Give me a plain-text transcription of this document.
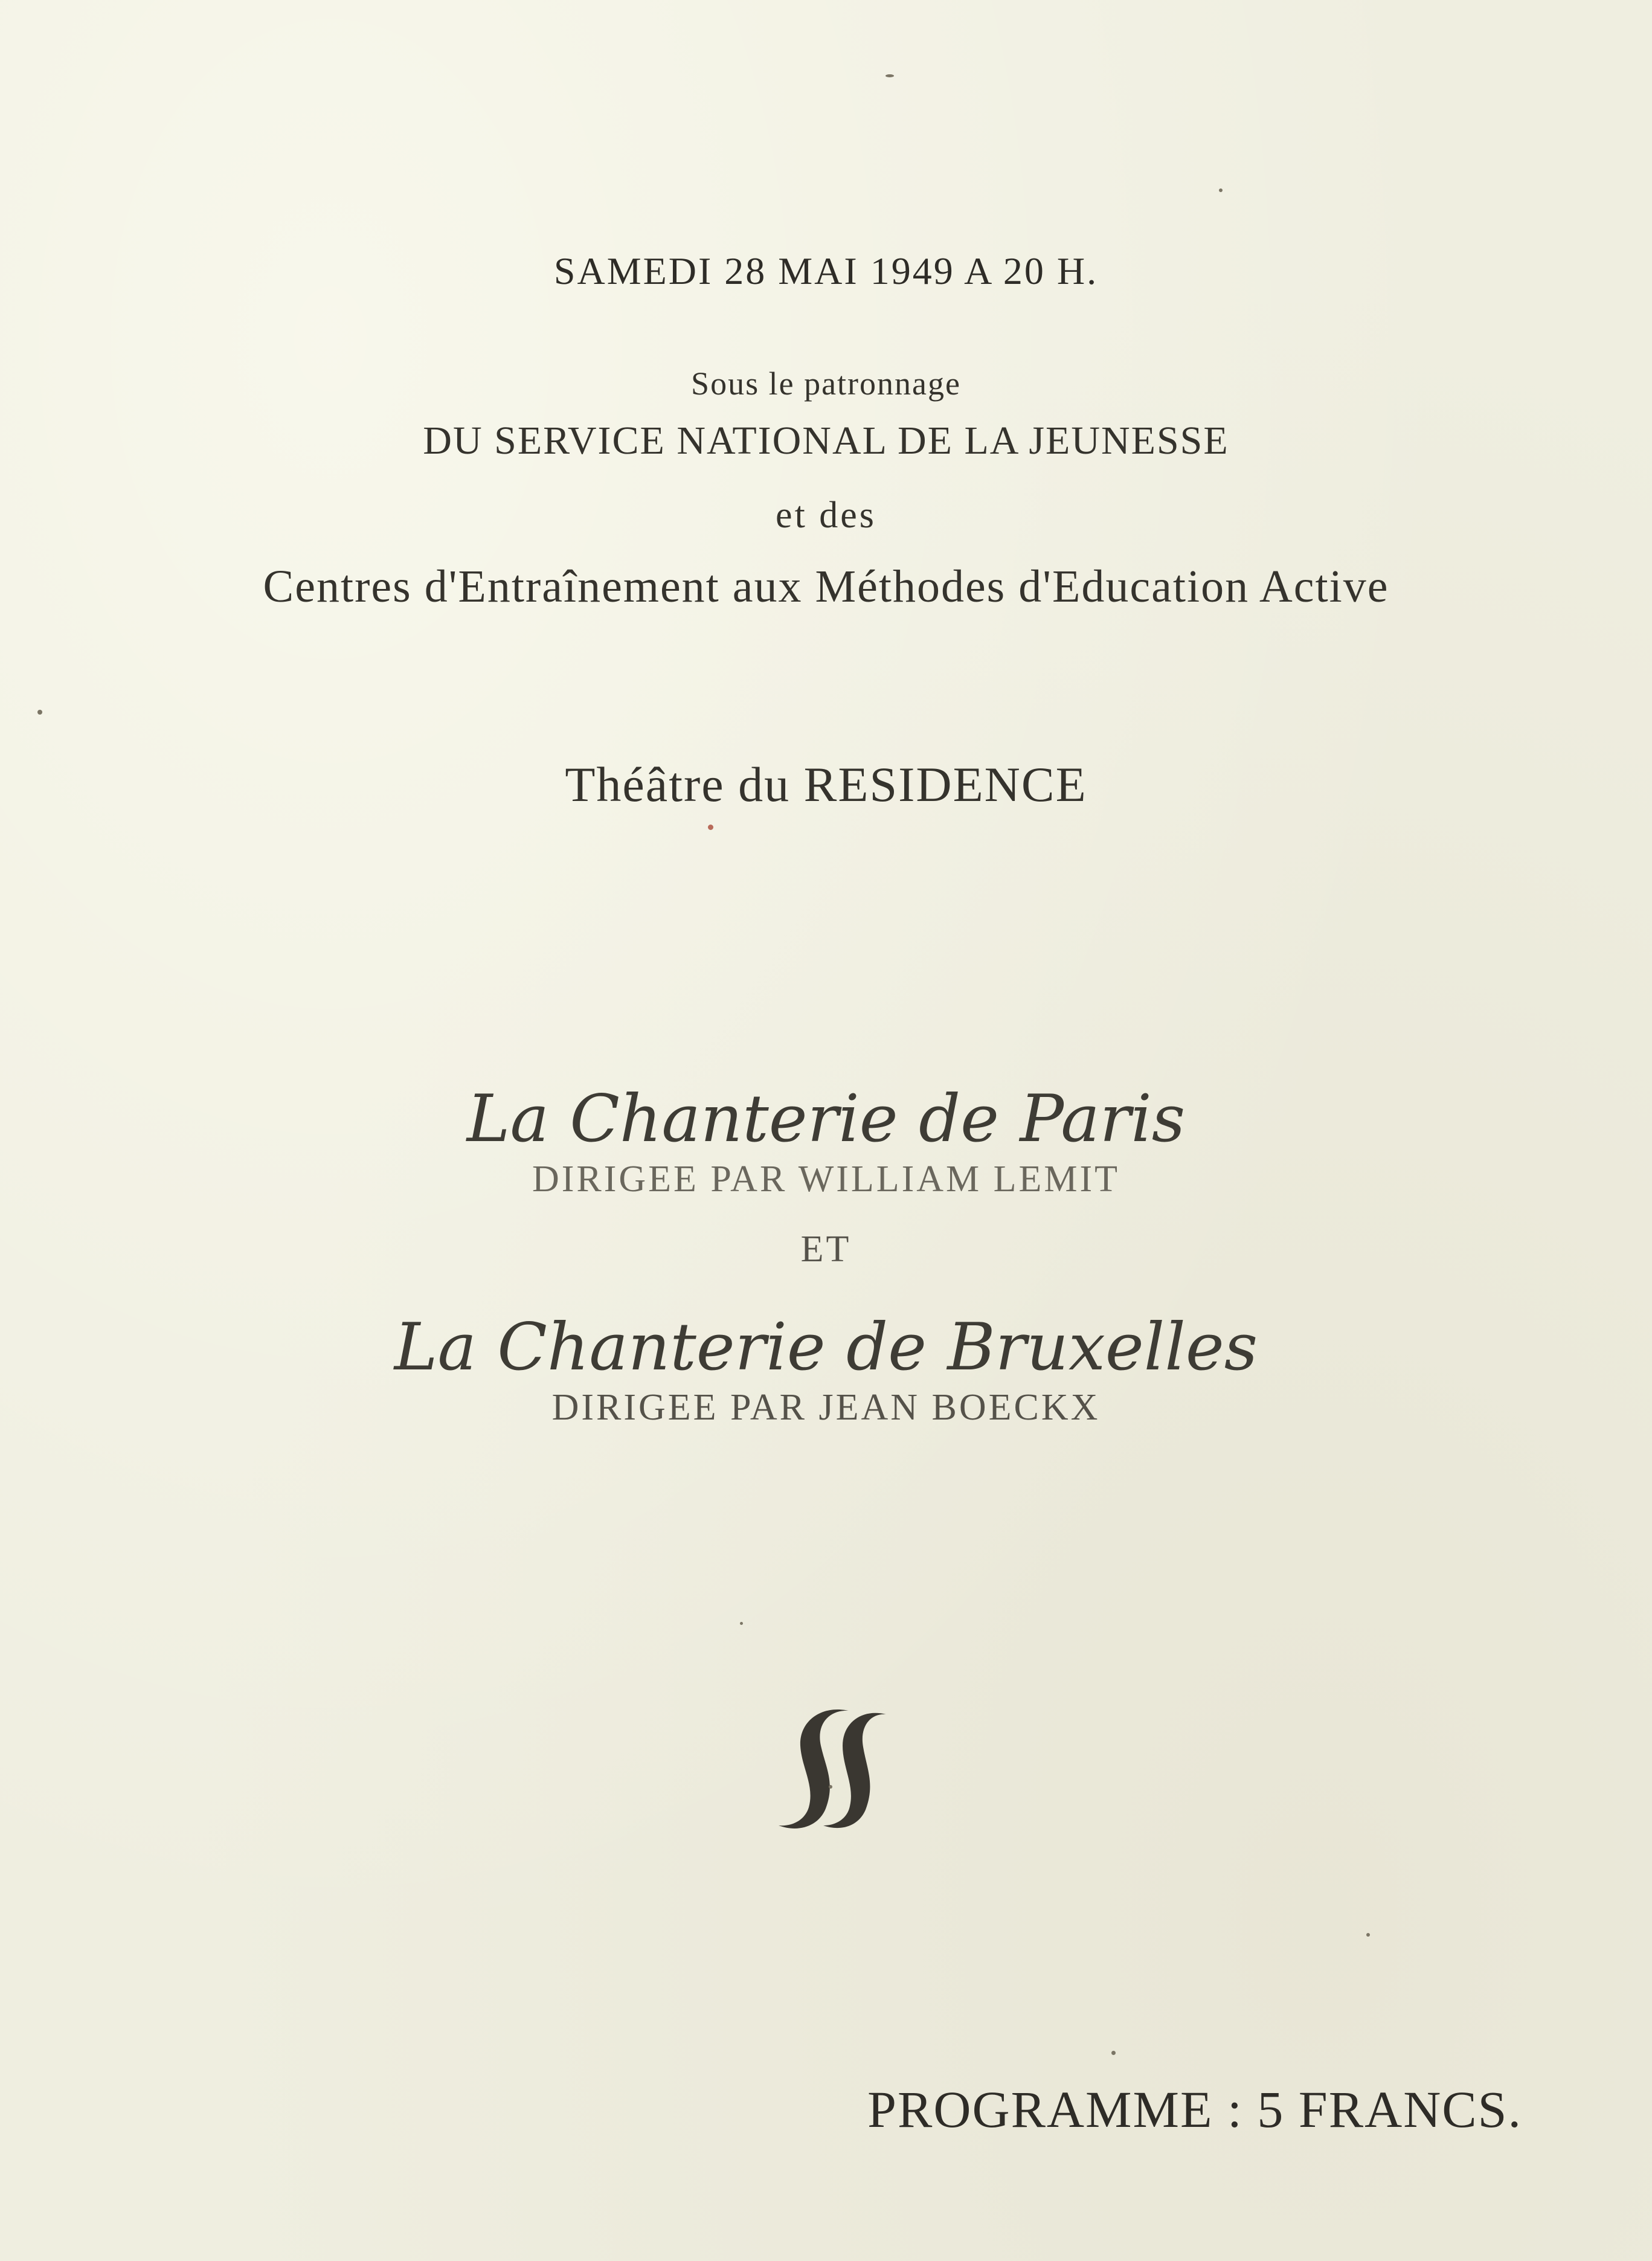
SAMEDI 28 MAI 1949 A 20 H.
Sous le patronnage
DU SERVICE NATIONAL DE LA JEUNESSE
et des
Centres d'Entraînement aux Méthodes d'Education Active
Théâtre du RESIDENCE
La Chanterie de Paris
DIRIGEE PAR WILLIAM LEMIT
ET
La Chanterie de Bruxelles
DIRIGEE PAR JEAN BOECKX
PROGRAMME : 5 FRANCS.
